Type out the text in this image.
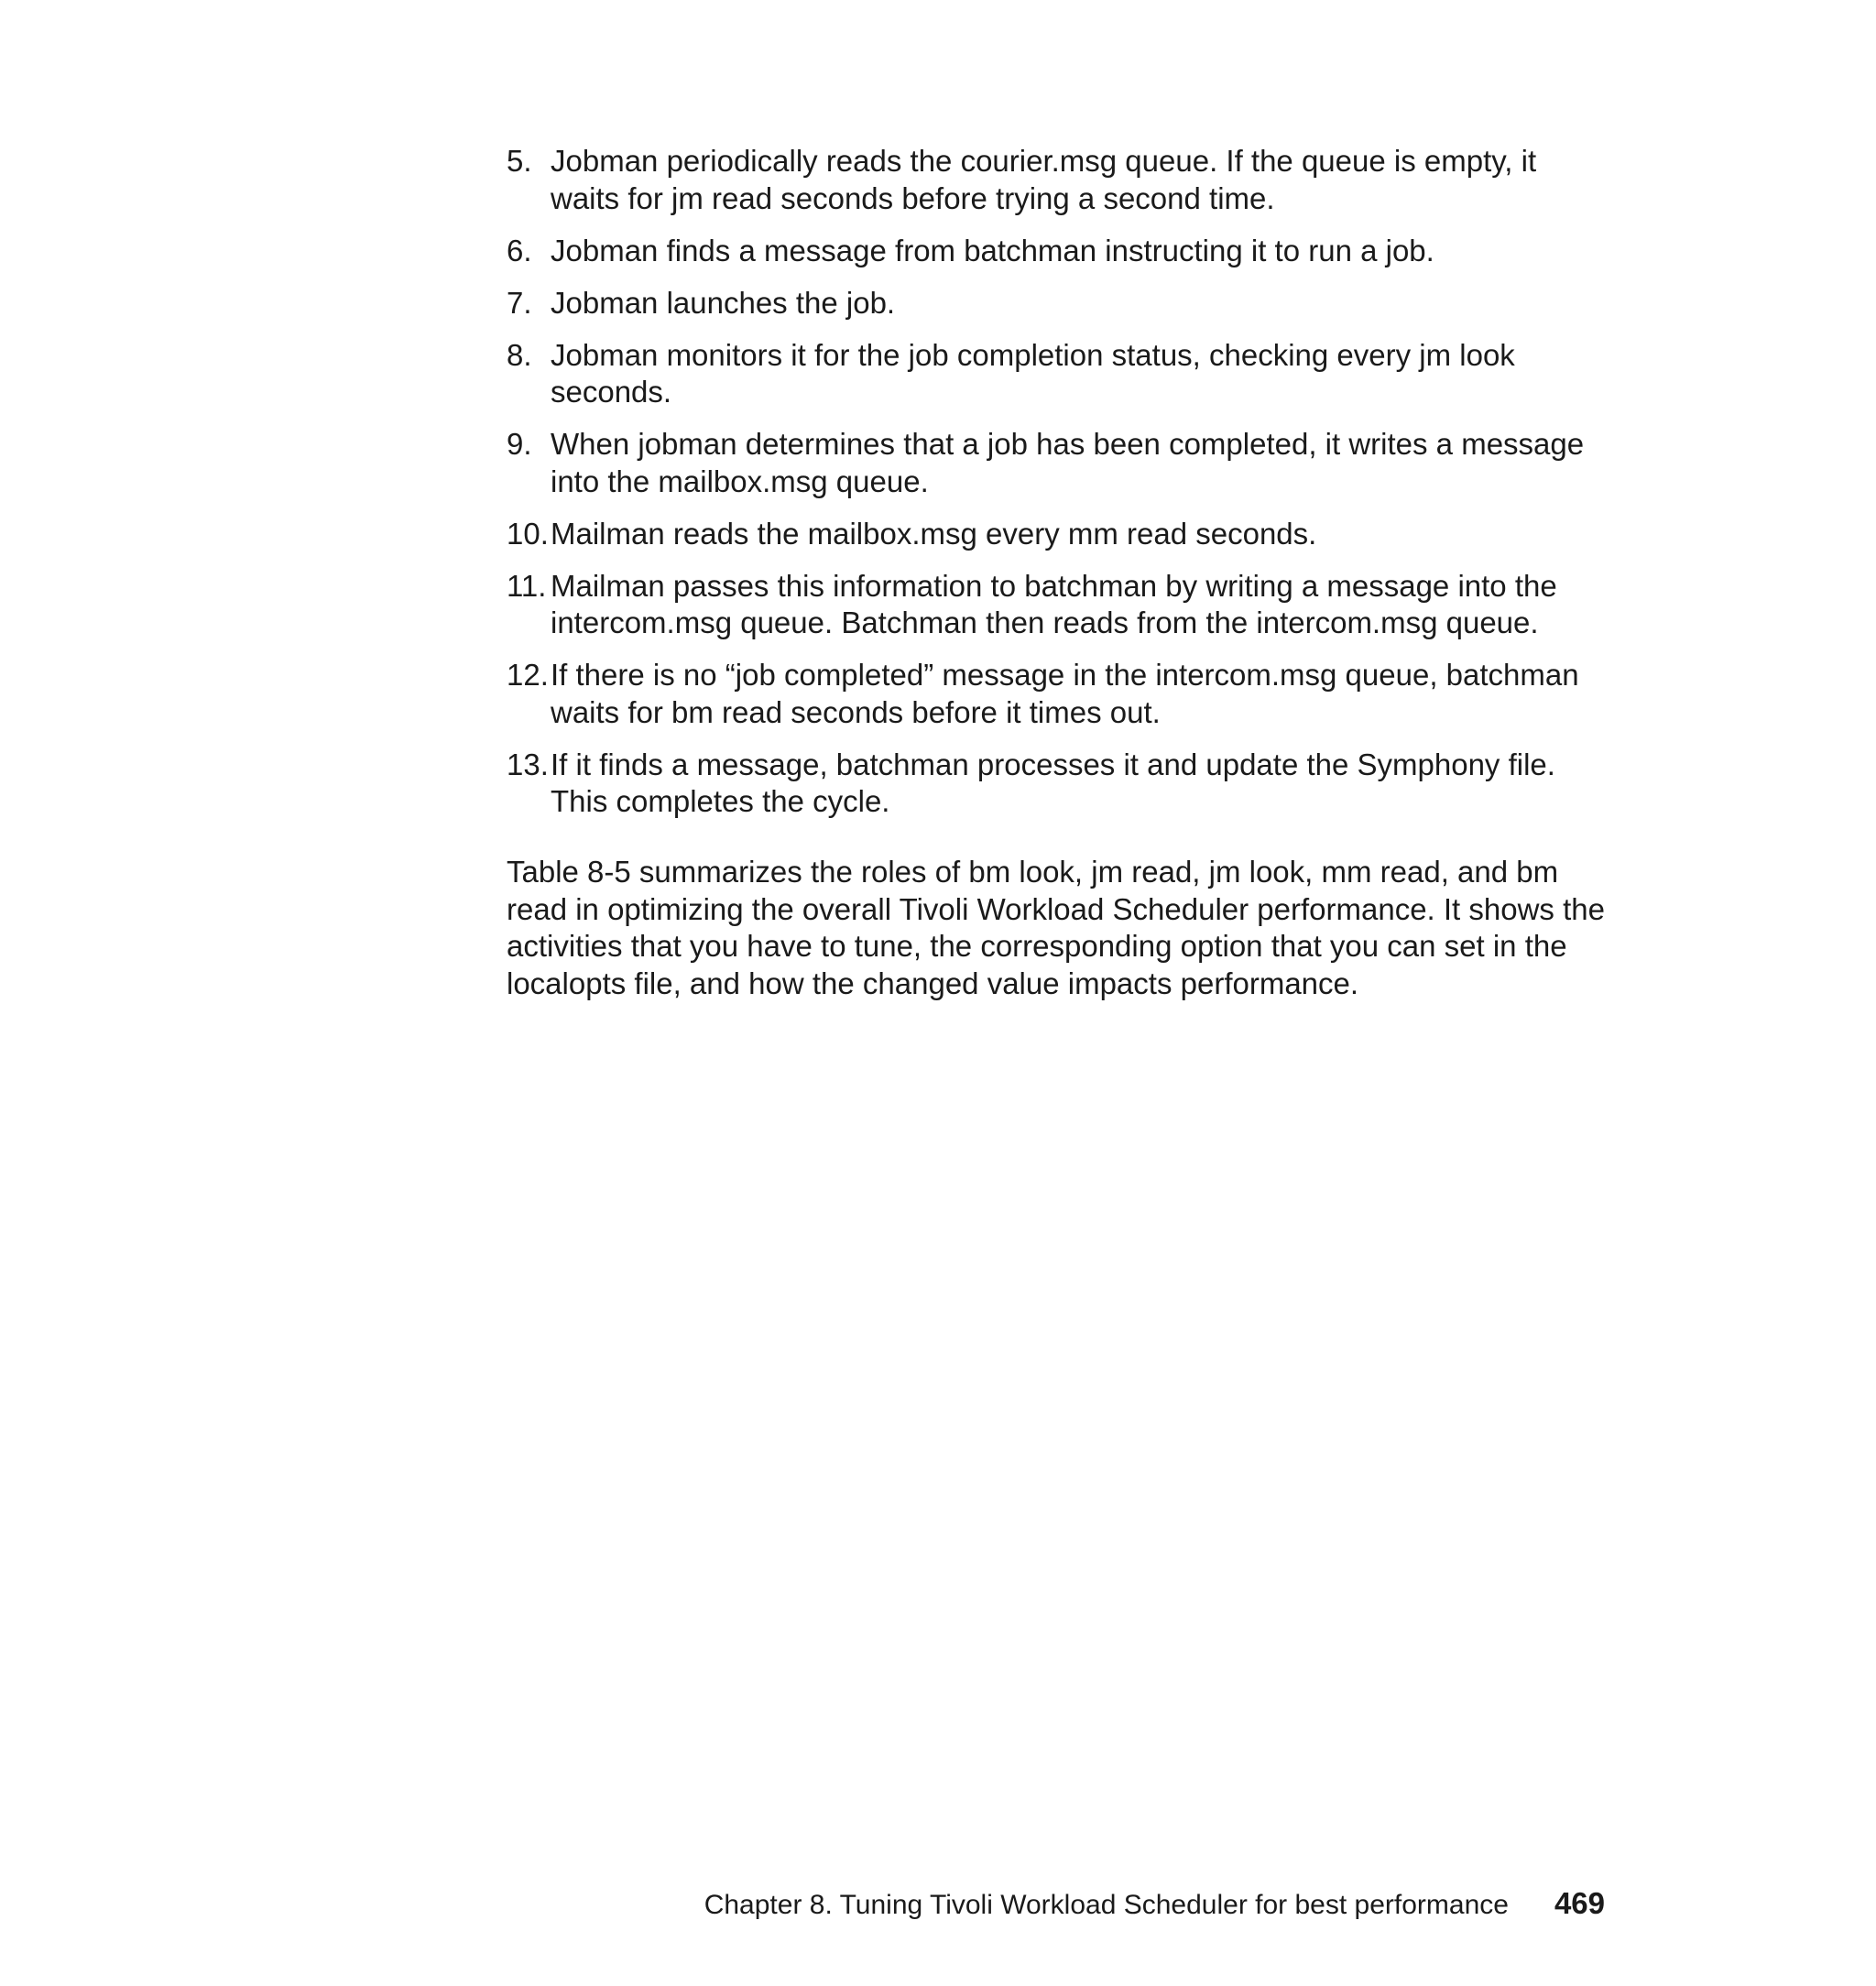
5. Jobman periodically reads the courier.msg queue. If the queue is empty, it waits for jm read seconds before trying a second time.
6. Jobman finds a message from batchman instructing it to run a job.
7. Jobman launches the job.
8. Jobman monitors it for the job completion status, checking every jm look seconds.
9. When jobman determines that a job has been completed, it writes a message into the mailbox.msg queue.
10. Mailman reads the mailbox.msg every mm read seconds.
11. Mailman passes this information to batchman by writing a message into the intercom.msg queue. Batchman then reads from the intercom.msg queue.
12. If there is no “job completed” message in the intercom.msg queue, batchman waits for bm read seconds before it times out.
13. If it finds a message, batchman processes it and update the Symphony file. This completes the cycle.

Table 8-5 summarizes the roles of bm look, jm read, jm look, mm read, and bm read in optimizing the overall Tivoli Workload Scheduler performance. It shows the activities that you have to tune, the corresponding option that you can set in the localopts file, and how the changed value impacts performance.

Chapter 8. Tuning Tivoli Workload Scheduler for best performance 469
